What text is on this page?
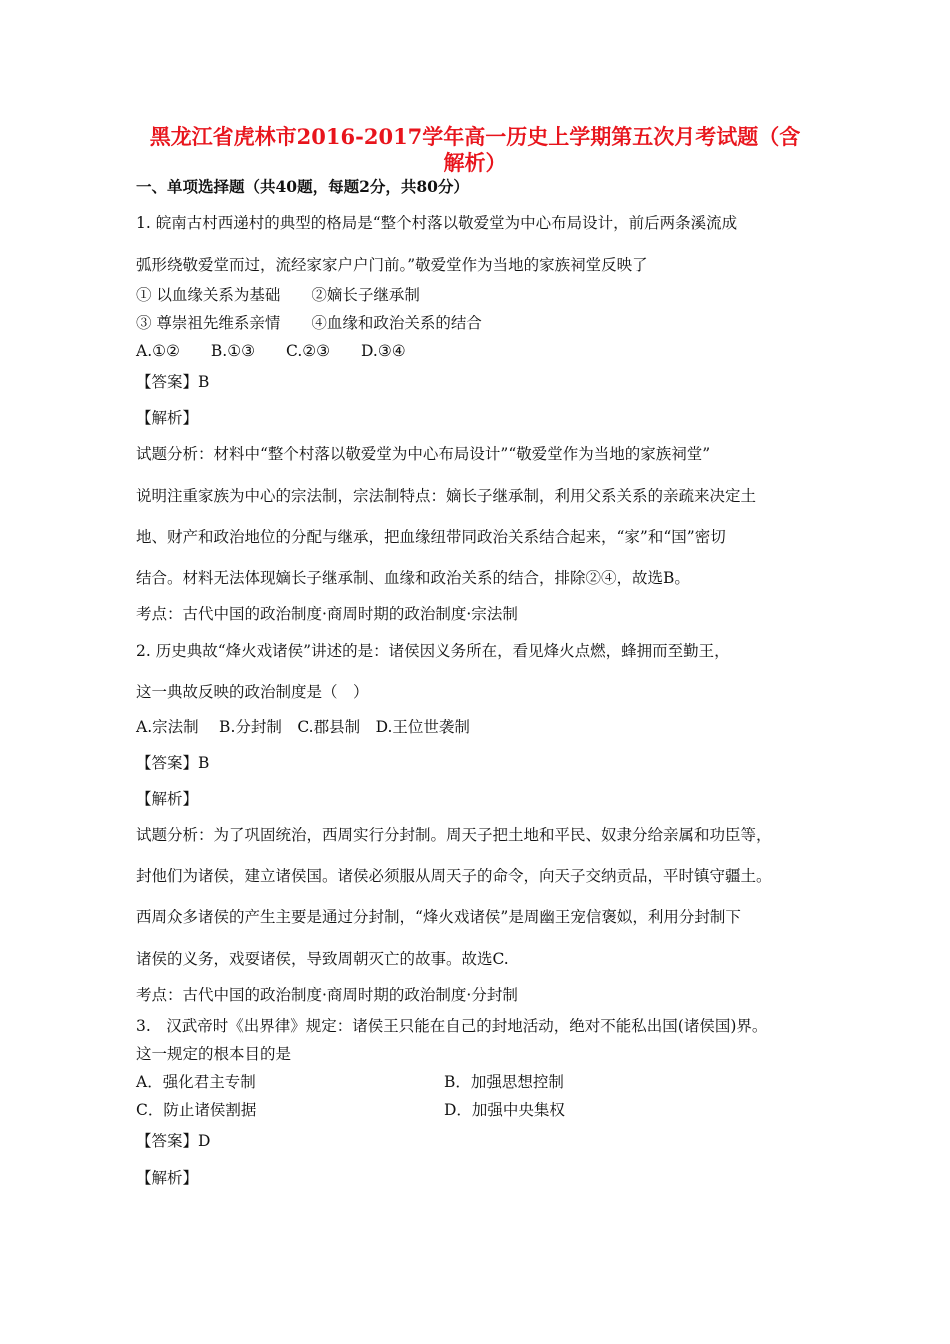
黑龙江省虎林市2016-2017学年高一历史上学期第五次月考试题（含
解析）
一、单项选择题（共40题，每题2分，共80分）
1. 皖南古村西递村的典型的格局是“整个村落以敬爱堂为中心布局设计，前后两条溪流成
弧形绕敬爱堂而过，流经家家户户门前。”敬爱堂作为当地的家族祠堂反映了
① 以血缘关系为基础　　②嫡长子继承制
③ 尊崇祖先维系亲情　　④血缘和政治关系的结合
A.①②　　B.①③　　C.②③　　D.③④
【答案】B
【解析】
试题分析：材料中“整个村落以敬爱堂为中心布局设计”“敬爱堂作为当地的家族祠堂”
说明注重家族为中心的宗法制，宗法制特点：嫡长子继承制，利用父系关系的亲疏来决定土
地、财产和政治地位的分配与继承，把血缘纽带同政治关系结合起来，“家”和“国”密切
结合。材料无法体现嫡长子继承制、血缘和政治关系的结合，排除②④，故选B。
考点：古代中国的政治制度·商周时期的政治制度·宗法制
2. 历史典故“烽火戏诸侯”讲述的是：诸侯因义务所在，看见烽火点燃，蜂拥而至勤王，
这一典故反映的政治制度是（　）
A.宗法制　 B.分封制　C.郡县制　D.王位世袭制
【答案】B
【解析】
试题分析：为了巩固统治，西周实行分封制。周天子把土地和平民、奴隶分给亲属和功臣等，
封他们为诸侯，建立诸侯国。诸侯必须服从周天子的命令，向天子交纳贡品，平时镇守疆土。
西周众多诸侯的产生主要是通过分封制，“烽火戏诸侯”是周幽王宠信褒姒，利用分封制下
诸侯的义务，戏耍诸侯，导致周朝灭亡的故事。故选C.
考点：古代中国的政治制度·商周时期的政治制度·分封制
3.　汉武帝时《出界律》规定：诸侯王只能在自己的封地活动，绝对不能私出国(诸侯国)界。
这一规定的根本目的是
A．强化君主专制	B．加强思想控制
C．防止诸侯割据	D．加强中央集权
【答案】D
【解析】
